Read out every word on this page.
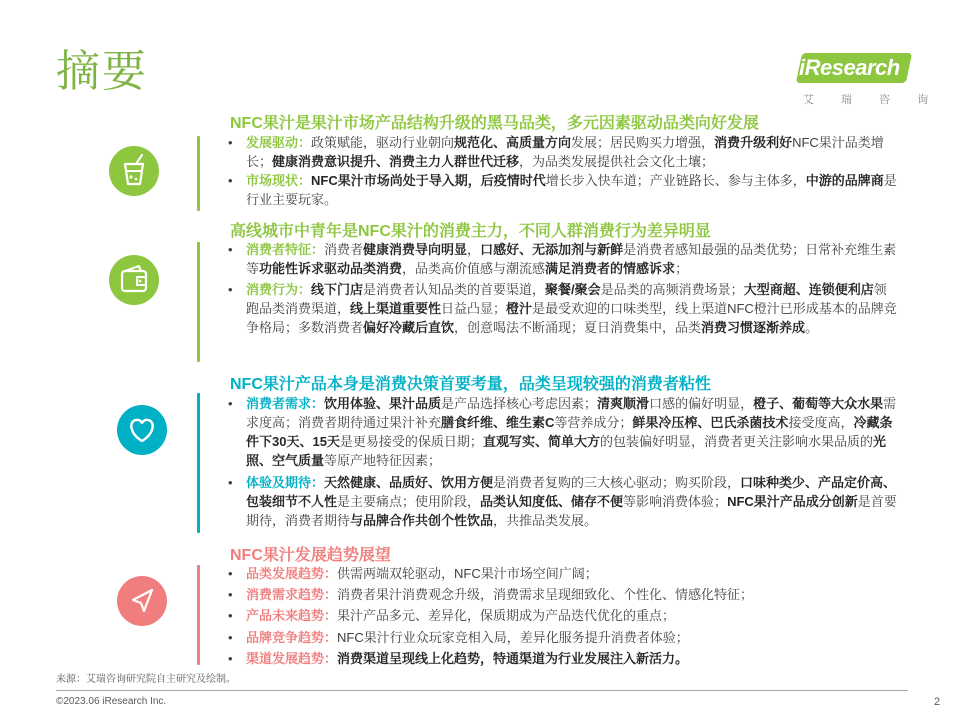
摘要	iResearch
艾 瑞 咨 询
NFC果汁是果汁市场产品结构升级的黑马品类，多元因素驱动品类向好发展
•	发展驱动：政策赋能，驱动行业朝向规范化、高质量方向发展；居民购买力增强，消费升级利好NFC果汁品类增长；健康消费意识提升、消费主力人群世代迁移，为品类发展提供社会文化土壤；
•	市场现状：NFC果汁市场尚处于导入期，后疫情时代增长步入快车道；产业链路长、参与主体多，中游的品牌商是行业主要玩家。
高线城市中青年是NFC果汁的消费主力，不同人群消费行为差异明显
•	消费者特征：消费者健康消费导向明显，口感好、无添加剂与新鲜是消费者感知最强的品类优势；日常补充维生素等功能性诉求驱动品类消费，品类高价值感与潮流感满足消费者的情感诉求；
•	消费行为：线下门店是消费者认知品类的首要渠道，聚餐/聚会是品类的高频消费场景；大型商超、连锁便利店领跑品类消费渠道，线上渠道重要性日益凸显；橙汁是最受欢迎的口味类型，线上渠道NFC橙汁已形成基本的品牌竞争格局；多数消费者偏好冷藏后直饮，创意喝法不断涌现；夏日消费集中，品类消费习惯逐渐养成。
NFC果汁产品本身是消费决策首要考量，品类呈现较强的消费者粘性
•	消费者需求：饮用体验、果汁品质是产品选择核心考虑因素；清爽顺滑口感的偏好明显，橙子、葡萄等大众水果需求度高；消费者期待通过果汁补充膳食纤维、维生素C等营养成分；鲜果冷压榨、巴氏杀菌技术接受度高，冷藏条件下30天、15天是更易接受的保质日期；直观写实、简单大方的包装偏好明显，消费者更关注影响水果品质的光照、空气质量等原产地特征因素；
•	体验及期待：天然健康、品质好、饮用方便是消费者复购的三大核心驱动；购买阶段，口味种类少、产品定价高、包装细节不人性是主要痛点；使用阶段，品类认知度低、储存不便等影响消费体验；NFC果汁产品成分创新是首要期待，消费者期待与品牌合作共创个性饮品，共推品类发展。
NFC果汁发展趋势展望
•	品类发展趋势：供需两端双轮驱动，NFC果汁市场空间广阔；
•	消费需求趋势：消费者果汁消费观念升级，消费需求呈现细致化、个性化、情感化特征；
•	产品未来趋势：果汁产品多元、差异化，保质期成为产品迭代优化的重点；
•	品牌竞争趋势：NFC果汁行业众玩家竞相入局，差异化服务提升消费者体验；
•	渠道发展趋势：消费渠道呈现线上化趋势，特通渠道为行业发展注入新活力。
来源：艾瑞咨询研究院自主研究及绘制。
©2023.06 iResearch Inc.	2
